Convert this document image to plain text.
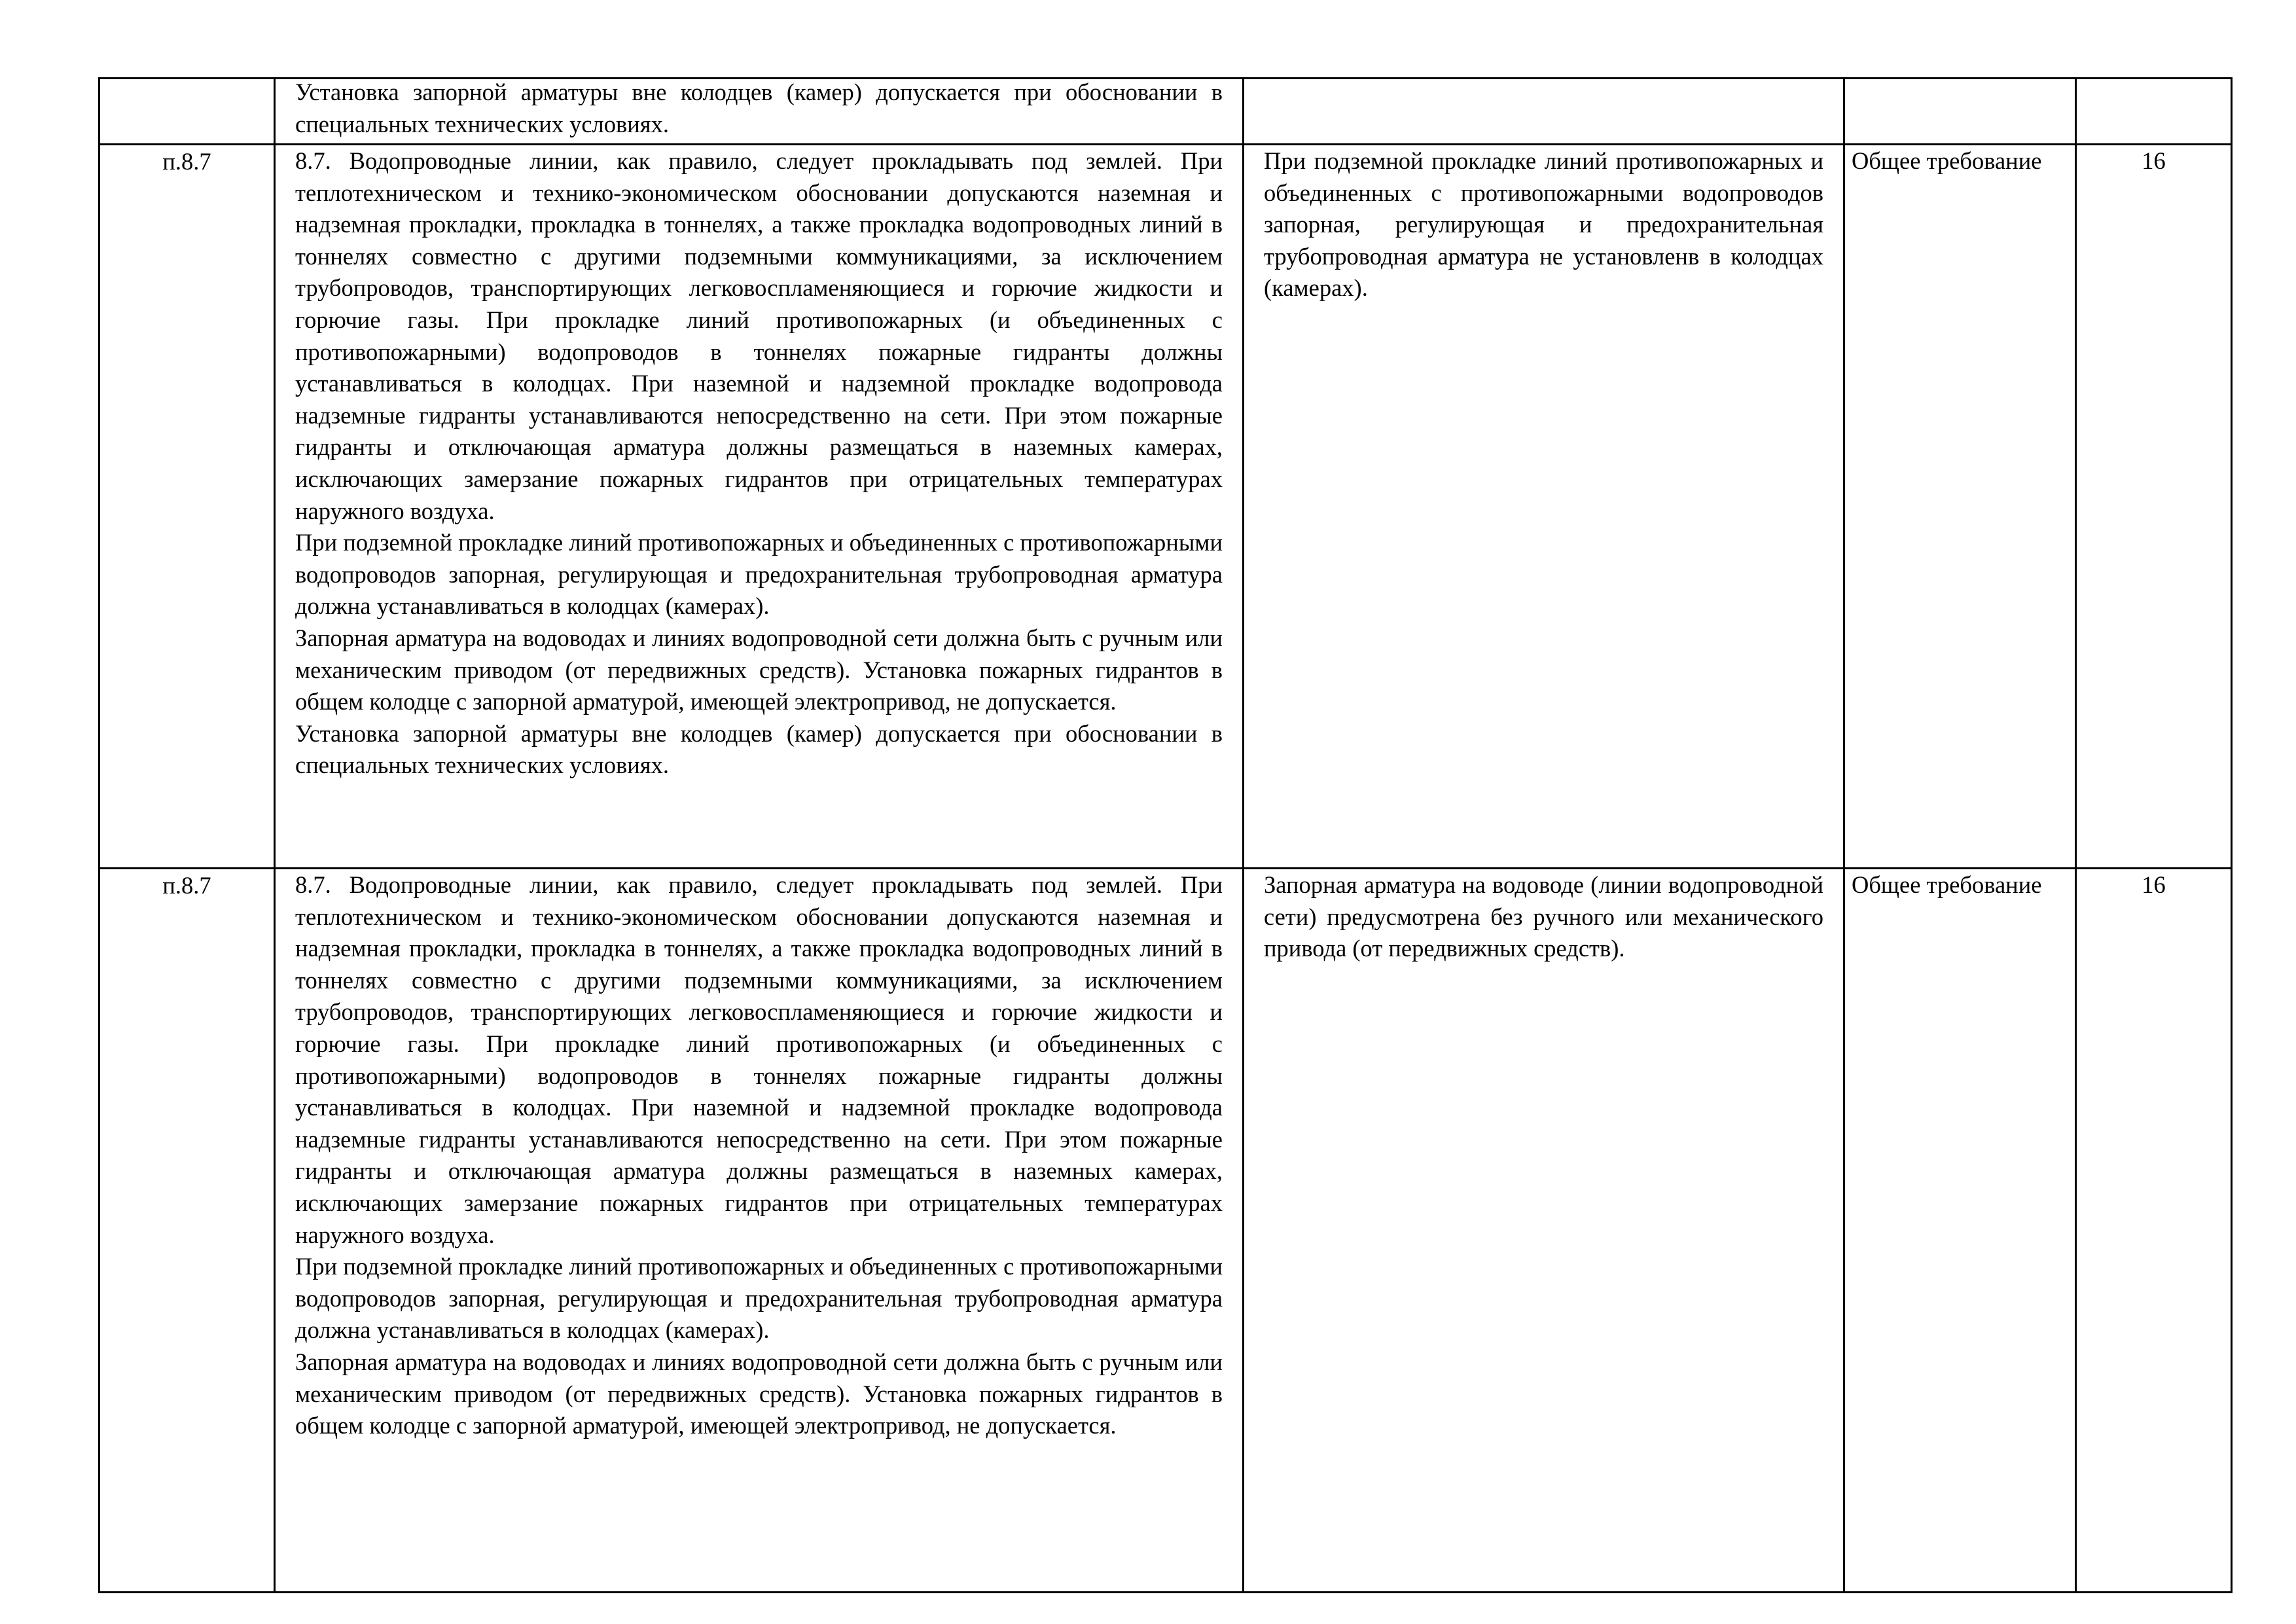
	Установка запорной арматуры вне колодцев (камер) допускается при обосновании в специальных технических условиях.			

п.8.7	8.7. Водопроводные линии, как правило, следует прокладывать под землей. При теплотехническом и технико-экономическом обосновании допускаются наземная и надземная прокладки, прокладка в тоннелях, а также прокладка водопроводных линий в тоннелях совместно с другими подземными коммуникациями, за исключением трубопроводов, транспортирующих легковоспламеняющиеся и горючие жидкости и горючие газы. При прокладке линий противопожарных (и объединенных с противопожарными) водопроводов в тоннелях пожарные гидранты должны устанавливаться в колодцах. При наземной и надземной прокладке водопровода надземные гидранты устанавливаются непосредственно на сети. При этом пожарные гидранты и отключающая арматура должны размещаться в наземных камерах, исключающих замерзание пожарных гидрантов при отрицательных температурах наружного воздуха.

При подземной прокладке линий противопожарных и объединенных с противопожарными водопроводов запорная, регулирующая и предохранительная трубопроводная арматура должна устанавливаться в колодцах (камерах).

Запорная арматура на водоводах и линиях водопроводной сети должна быть с ручным или механическим приводом (от передвижных средств). Установка пожарных гидрантов в общем колодце с запорной арматурой, имеющей электропривод, не допускается.

Установка запорной арматуры вне колодцев (камер) допускается при обосновании в специальных технических условиях.	При подземной прокладке линий противопожарных и объединенных с противопожарными водопроводов запорная, регулирующая и предохранительная трубопроводная арматура не установленв в колодцах (камерах).	Общее требование	16
п.8.7	8.7. Водопроводные линии, как правило, следует прокладывать под землей. При теплотехническом и технико-экономическом обосновании допускаются наземная и надземная прокладки, прокладка в тоннелях, а также прокладка водопроводных линий в тоннелях совместно с другими подземными коммуникациями, за исключением трубопроводов, транспортирующих легковоспламеняющиеся и горючие жидкости и горючие газы. При прокладке линий противопожарных (и объединенных с противопожарными) водопроводов в тоннелях пожарные гидранты должны устанавливаться в колодцах. При наземной и надземной прокладке водопровода надземные гидранты устанавливаются непосредственно на сети. При этом пожарные гидранты и отключающая арматура должны размещаться в наземных камерах, исключающих замерзание пожарных гидрантов при отрицательных температурах наружного воздуха.

При подземной прокладке линий противопожарных и объединенных с противопожарными водопроводов запорная, регулирующая и предохранительная трубопроводная арматура должна устанавливаться в колодцах (камерах).

Запорная арматура на водоводах и линиях водопроводной сети должна быть с ручным или механическим приводом (от передвижных средств). Установка пожарных гидрантов в общем колодце с запорной арматурой, имеющей электропривод, не допускается.	Запорная арматура на водоводе (линии водопроводной сети) предусмотрена без ручного или механического привода (от передвижных средств).	Общее требование	16
